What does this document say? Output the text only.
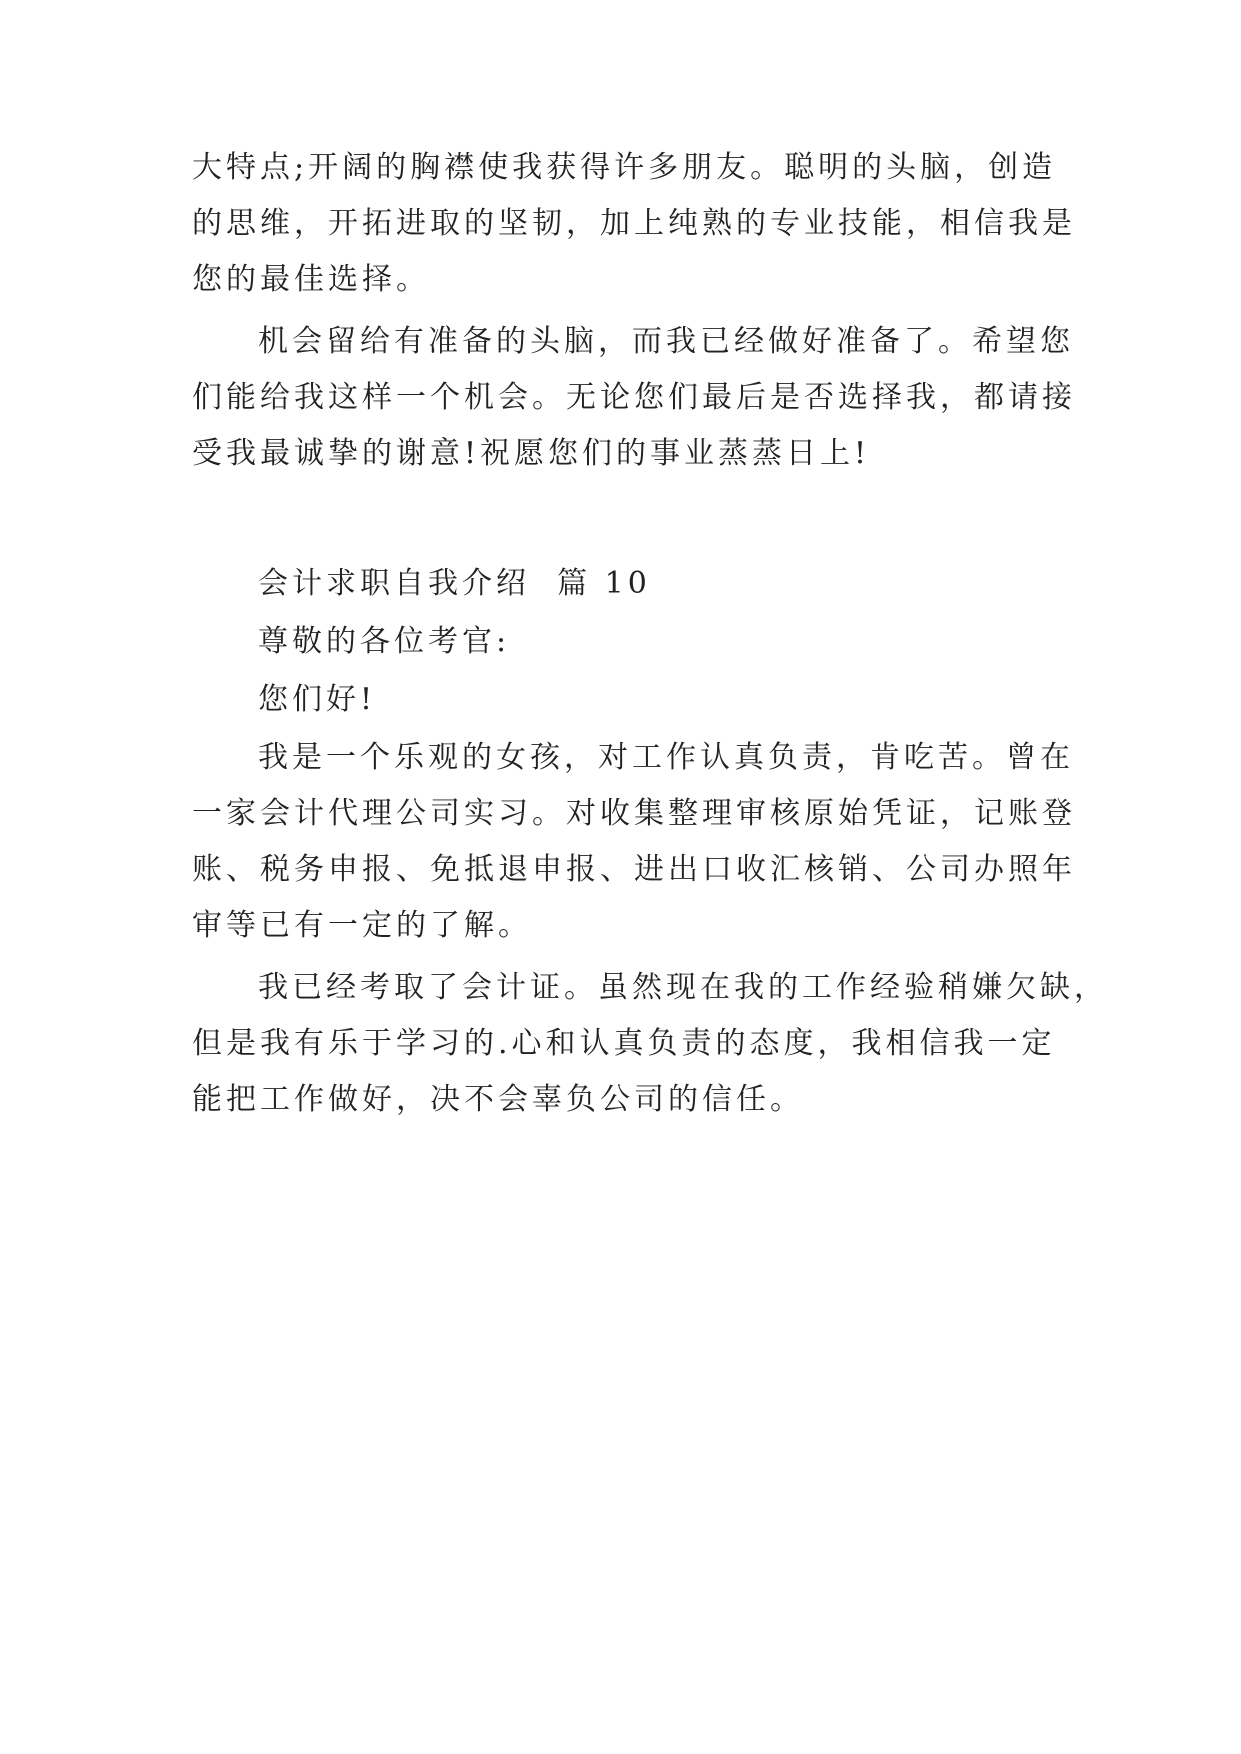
大特点;开阔的胸襟使我获得许多朋友。聪明的头脑，创造
的思维，开拓进取的坚韧，加上纯熟的专业技能，相信我是
您的最佳选择。
机会留给有准备的头脑，而我已经做好准备了。希望您
们能给我这样一个机会。无论您们最后是否选择我，都请接
受我最诚挚的谢意!祝愿您们的事业蒸蒸日上!
会计求职自我介绍  篇 10
尊敬的各位考官:
您们好!
我是一个乐观的女孩，对工作认真负责，肯吃苦。曾在
一家会计代理公司实习。对收集整理审核原始凭证，记账登
账、税务申报、免抵退申报、进出口收汇核销、公司办照年
审等已有一定的了解。
我已经考取了会计证。虽然现在我的工作经验稍嫌欠缺，
但是我有乐于学习的.心和认真负责的态度，我相信我一定
能把工作做好，决不会辜负公司的信任。
